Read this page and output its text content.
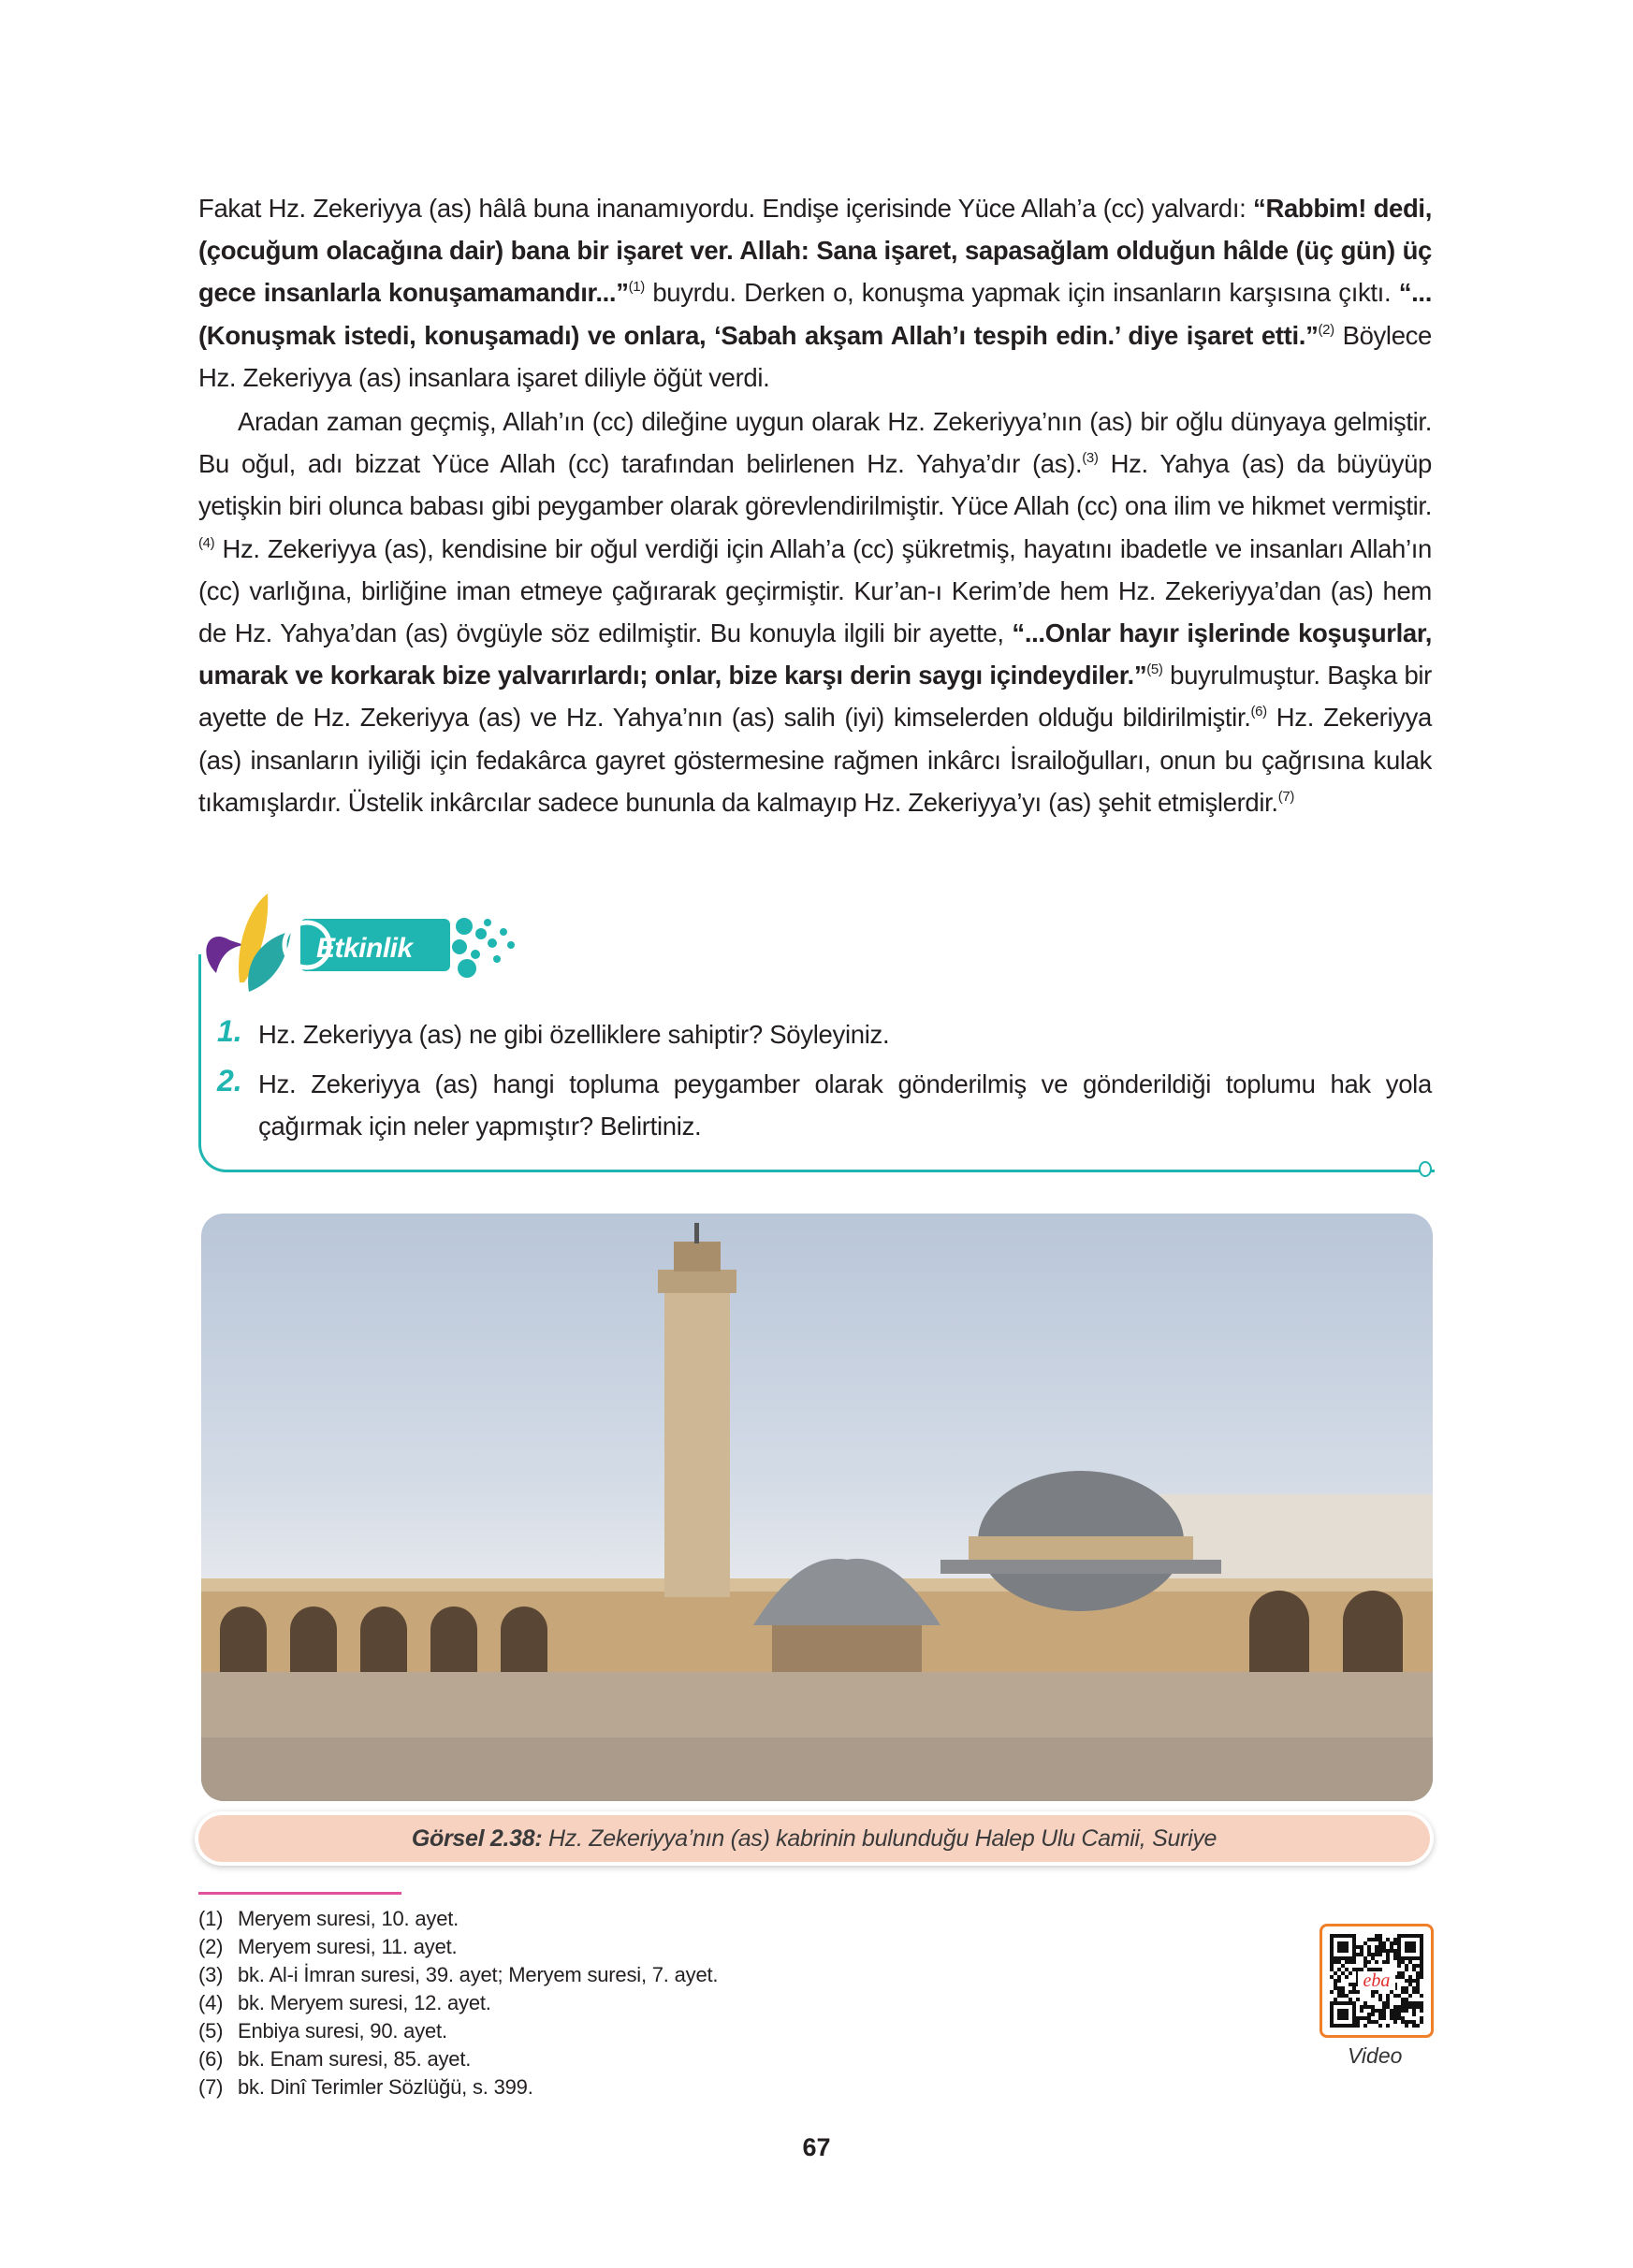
Fakat Hz. Zekeriyya (as) hâlâ buna inanamıyordu. Endişe içerisinde Yüce Allah’a (cc) yalvardı: “Rabbim! dedi, (çocuğum olacağına dair) bana bir işaret ver. Allah: Sana işaret, sapasağlam olduğun hâlde (üç gün) üç gece insanlarla konuşamamandır...”$^{(1)}$ buyrdu. Derken o, konuşma yapmak için insanların karşısına çıktı. “...(Konuşmak istedi, konuşamadı) ve onlara, ‘Sabah akşam Allah’ı tespih edin.’ diye işaret etti.”$^{(2)}$ Böylece Hz. Zekeriyya (as) insanlara işaret diliyle öğüt verdi.

Aradan zaman geçmiş, Allah’ın (cc) dileğine uygun olarak Hz. Zekeriyya’nın (as) bir oğlu dünyaya gelmiştir. Bu oğul, adı bizzat Yüce Allah (cc) tarafından belirlenen Hz. Yahya’dır (as).$^{(3)}$ Hz. Yahya (as) da büyüyüp yetişkin biri olunca babası gibi peygamber olarak görevlendirilmiştir. Yüce Allah (cc) ona ilim ve hikmet vermiştir.$^{(4)}$ Hz. Zekeriyya (as), kendisine bir oğul verdiği için Allah’a (cc) şükretmiş, hayatını ibadetle ve insanları Allah’ın (cc) varlığına, birliğine iman etmeye çağırarak geçirmiştir. Kur’an-ı Kerim’de hem Hz. Zekeriyya’dan (as) hem de Hz. Yahya’dan (as) övgüyle söz edilmiştir. Bu konuyla ilgili bir ayette, “...Onlar hayır işlerinde koşuşurlar, umarak ve korkarak bize yalvarırlardı; onlar, bize karşı derin saygı içindeydiler.”$^{(5)}$ buyrulmuştur. Başka bir ayette de Hz. Zekeriyya (as) ve Hz. Yahya’nın (as) salih (iyi) kimselerden olduğu bildirilmiştir.$^{(6)}$ Hz. Zekeriyya (as) insanların iyiliği için fedakârca gayret göstermesine rağmen inkârcı İsrailoğulları, onun bu çağrısına kulak tıkamışlardır. Üstelik inkârcılar sadece bununla da kalmayıp Hz. Zekeriyya’yı (as) şehit etmişlerdir.$^{(7)}$

Etkinlik
1. Hz. Zekeriyya (as) ne gibi özelliklere sahiptir? Söyleyiniz.
2. Hz. Zekeriyya (as) hangi topluma peygamber olarak gönderilmiş ve gönderildiği toplumu hak yola çağırmak için neler yapmıştır? Belirtiniz.
Görsel 2.38: Hz. Zekeriyya’nın (as) kabrinin bulunduğu Halep Ulu Camii, Suriye
(1) Meryem suresi, 10. ayet.
(2) Meryem suresi, 11. ayet.
(3) bk. Al-i İmran suresi, 39. ayet; Meryem suresi, 7. ayet.
(4) bk. Meryem suresi, 12. ayet.
(5) Enbiya suresi, 90. ayet.
(6) bk. Enam suresi, 85. ayet.
(7) bk. Dinî Terimler Sözlüğü, s. 399.
eba
Video
67
